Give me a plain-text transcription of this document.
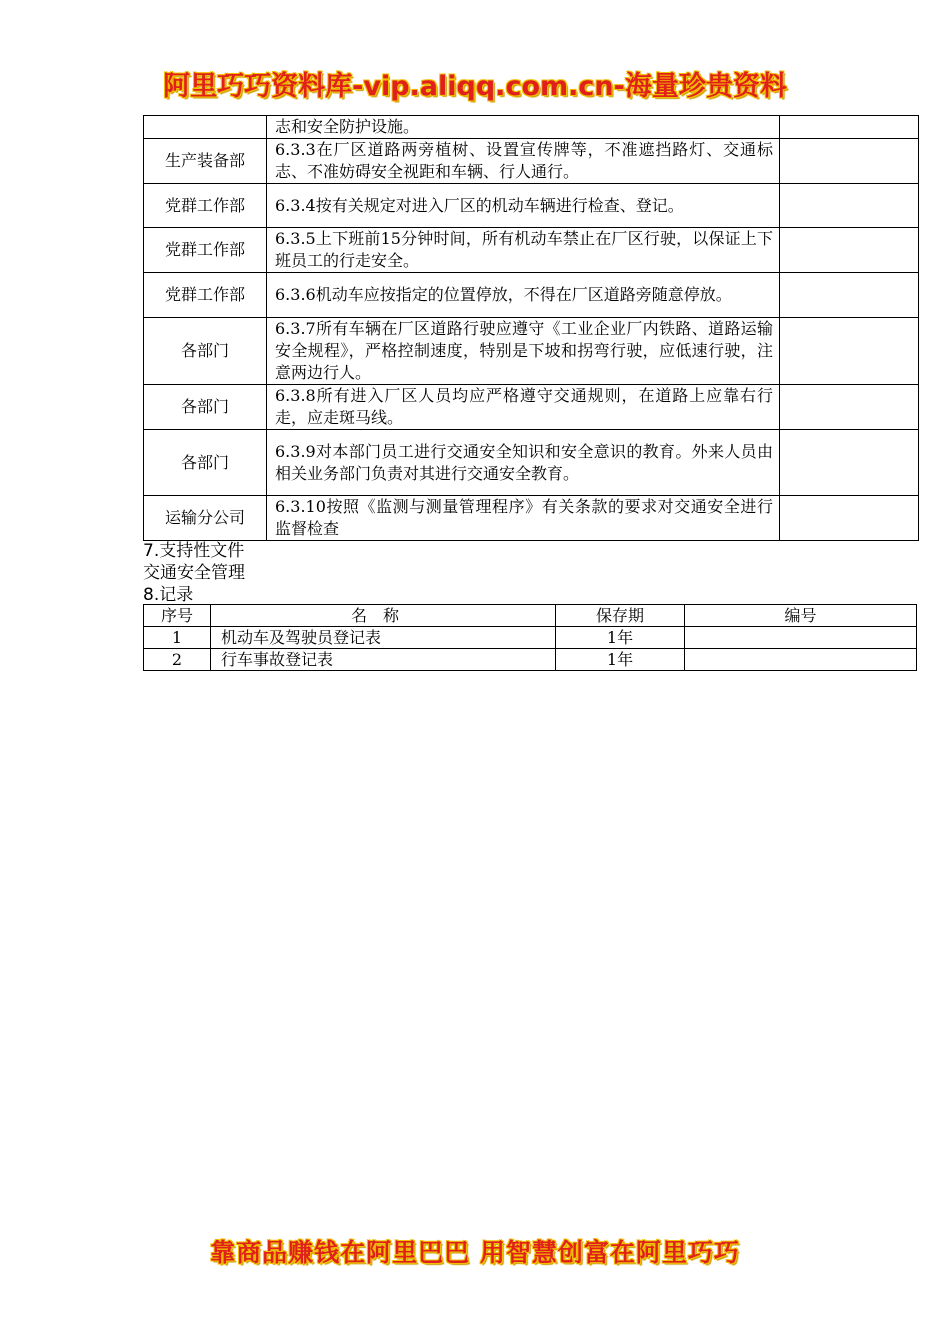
阿里巧巧资料库-vip.aliqq.com.cn-海量珍贵资料
	志和安全防护设施。	
生产装备部	6.3.3在厂区道路两旁植树、设置宣传牌等，不准遮挡路灯、交通标志、不准妨碍安全视距和车辆、行人通行。	
党群工作部	6.3.4按有关规定对进入厂区的机动车辆进行检查、登记。	
党群工作部	6.3.5上下班前15分钟时间，所有机动车禁止在厂区行驶，以保证上下班员工的行走安全。	
党群工作部	6.3.6机动车应按指定的位置停放，不得在厂区道路旁随意停放。	
各部门	6.3.7所有车辆在厂区道路行驶应遵守《工业企业厂内铁路、道路运输安全规程》，严格控制速度，特别是下坡和拐弯行驶，应低速行驶，注意两边行人。	
各部门	6.3.8所有进入厂区人员均应严格遵守交通规则，在道路上应靠右行走，应走斑马线。	
各部门	6.3.9对本部门员工进行交通安全知识和安全意识的教育。外来人员由相关业务部门负责对其进行交通安全教育。	
运输分公司	6.3.10按照《监测与测量管理程序》有关条款的要求对交通安全进行监督检查	
7.支持性文件
交通安全管理
8.记录
序号	名称	保存期	编号
1	机动车及驾驶员登记表	1年	
2	行车事故登记表	1年	
靠商品赚钱在阿里巴巴 用智慧创富在阿里巧巧
